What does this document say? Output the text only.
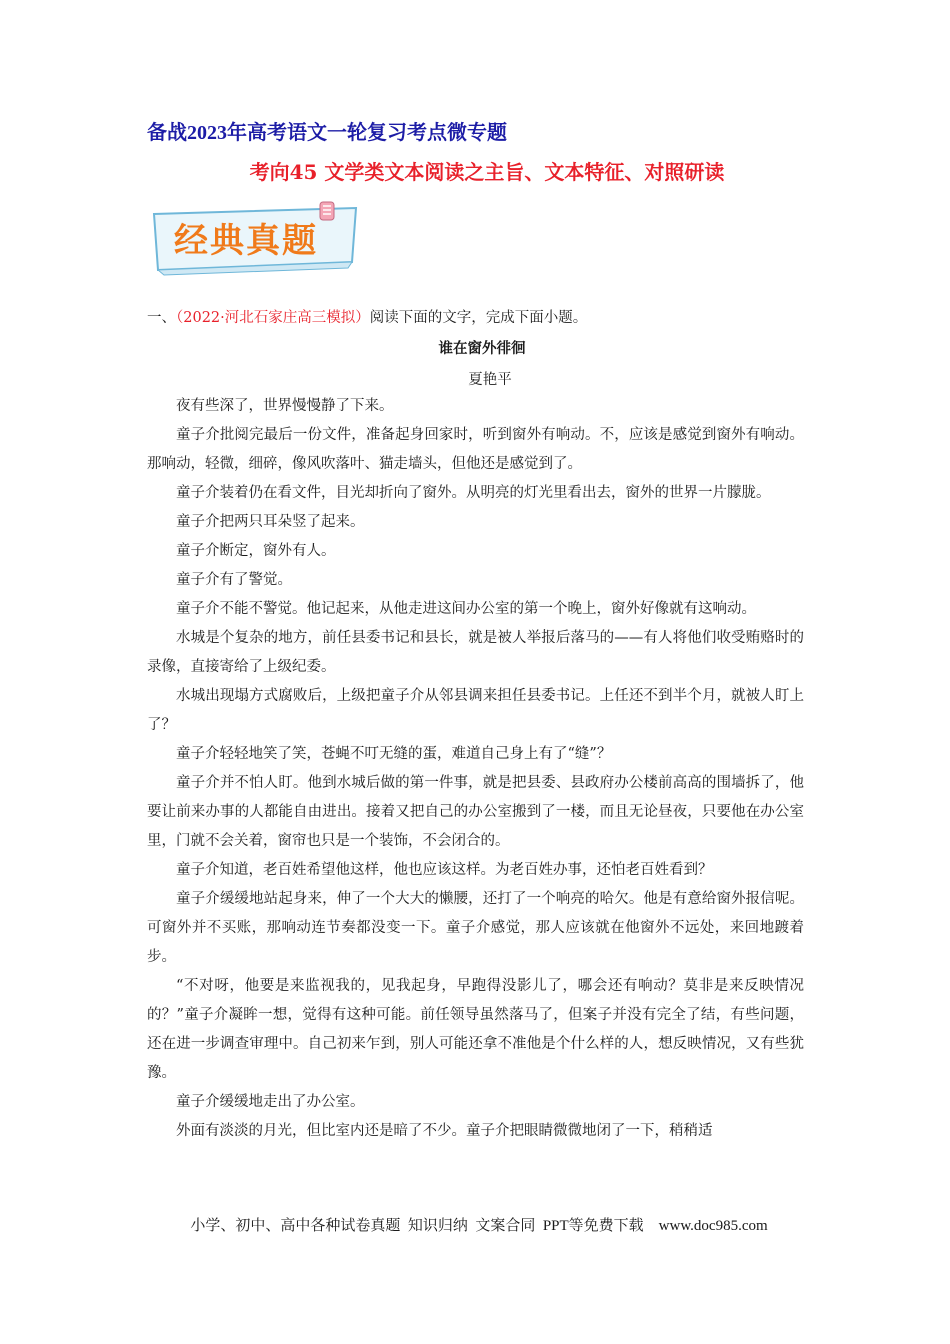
备战2023年高考语文一轮复习考点微专题
考向45 文学类文本阅读之主旨、文本特征、对照研读
经典真题
一、（2022·河北石家庄高三模拟）阅读下面的文字，完成下面小题。
谁在窗外徘徊
夏艳平

夜有些深了，世界慢慢静了下来。

童子介批阅完最后一份文件，准备起身回家时，听到窗外有响动。不，应该是感觉到窗外有响动。那响动，轻微，细碎，像风吹落叶、猫走墙头，但他还是感觉到了。

童子介装着仍在看文件，目光却折向了窗外。从明亮的灯光里看出去，窗外的世界一片朦胧。

童子介把两只耳朵竖了起来。

童子介断定，窗外有人。

童子介有了警觉。

童子介不能不警觉。他记起来，从他走进这间办公室的第一个晚上，窗外好像就有这响动。

水城是个复杂的地方，前任县委书记和县长，就是被人举报后落马的——有人将他们收受贿赂时的录像，直接寄给了上级纪委。

水城出现塌方式腐败后，上级把童子介从邻县调来担任县委书记。上任还不到半个月，就被人盯上了？

童子介轻轻地笑了笑，苍蝇不叮无缝的蛋，难道自己身上有了“缝”？

童子介并不怕人盯。他到水城后做的第一件事，就是把县委、县政府办公楼前高高的围墙拆了，他要让前来办事的人都能自由进出。接着又把自己的办公室搬到了一楼，而且无论昼夜，只要他在办公室里，门就不会关着，窗帘也只是一个装饰，不会闭合的。

童子介知道，老百姓希望他这样，他也应该这样。为老百姓办事，还怕老百姓看到？

童子介缓缓地站起身来，伸了一个大大的懒腰，还打了一个响亮的哈欠。他是有意给窗外报信呢。可窗外并不买账，那响动连节奏都没变一下。童子介感觉，那人应该就在他窗外不远处，来回地踱着步。

“不对呀，他要是来监视我的，见我起身，早跑得没影儿了，哪会还有响动？莫非是来反映情况的？”童子介凝眸一想，觉得有这种可能。前任领导虽然落马了，但案子并没有完全了结，有些问题，还在进一步调查审理中。自己初来乍到，别人可能还拿不准他是个什么样的人，想反映情况，又有些犹豫。

童子介缓缓地走出了办公室。

外面有淡淡的月光，但比室内还是暗了不少。童子介把眼睛微微地闭了一下，稍稍适

小学、初中、高中各种试卷真题  知识归纳  文案合同  PPT等免费下载    www.doc985.com
